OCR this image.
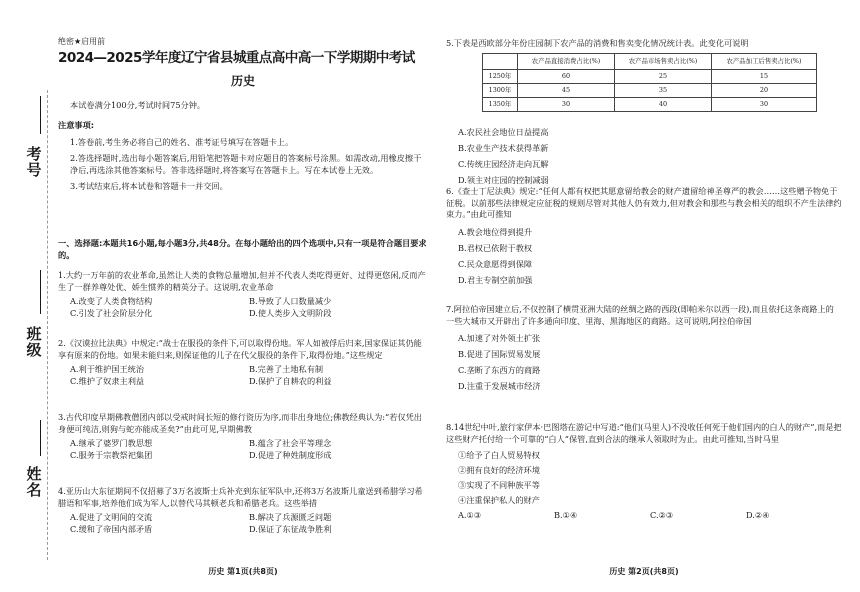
考号
班级
姓名
绝密★启用前
2024—2025学年度辽宁省县城重点高中高一下学期期中考试
历史
本试卷满分100分,考试时间75分钟。
注意事项:
1.答卷前,考生务必将自己的姓名、准考证号填写在答题卡上。
2.答选择题时,选出每小题答案后,用铅笔把答题卡对应题目的答案标号涂黑。如需改动,用橡皮擦干净后,再选涂其他答案标号。答非选择题时,将答案写在答题卡上。写在本试卷上无效。
3.考试结束后,将本试卷和答题卡一并交回。
一、选择题:本题共16小题,每小题3分,共48分。在每小题给出的四个选项中,只有一项是符合题目要求的。
1.大约一万年前的农业革命,虽然让人类的食物总量增加,但并不代表人类吃得更好、过得更悠闲,反而产生了一群养尊处优、娇生惯养的精英分子。这说明,农业革命
A.改变了人类食物结构	B.导致了人口数量减少
C.引发了社会阶层分化	D.使人类步入文明阶段
2.《汉谟拉比法典》中规定:“战士在服役的条件下,可以取得份地。军人如被俘后归来,国家保证其仍能享有原来的份地。如果未能归来,则保证他的儿子在代父服役的条件下,取得份地。”这些规定
A.利于维护国王统治	B.完善了土地私有制
C.维护了奴隶主利益	D.保护了自耕农的利益
3.古代印度早期佛教僧团内部以受戒时间长短的修行资历为序,而非出身地位;佛教经典认为:“若仅凭出身便可纯洁,则狗与蛇亦能成圣矣?”由此可见,早期佛教
A.继承了婆罗门教思想	B.蕴含了社会平等理念
C.服务于宗教祭祀集团	D.促进了种姓制度形成
4.亚历山大东征期间不仅招募了3万名波斯士兵补充到东征军队中,还将3万名波斯儿童送到希腊学习希腊语和军事,培养他们成为军人,以替代马其顿老兵和希腊老兵。这些举措
A.促进了文明间的交流	B.解决了兵源匮乏问题
C.缓和了帝国内部矛盾	D.保证了东征战争胜利
历史 第1页(共8页)
5.下表是西欧部分年份庄园制下农产品的消费和售卖变化情况统计表。此变化可说明
	农产品直接消费占比(%)	农产品市场售卖占比(%)	农产品加工后售卖占比(%)
1250年	60	25	15
1300年	45	35	20
1350年	30	40	30
A.农民社会地位日益提高
B.农业生产技术获得革新
C.传统庄园经济走向瓦解
D.领主对庄园的控制减弱
6.《查士丁尼法典》规定:“任何人都有权把其愿意留给教会的财产遗留给神圣尊严的教会……这些赠予物免于征税。以前那些法律规定应征税的规则尽管对其他人仍有效力,但对教会和那些与教会相关的组织不产生法律约束力。”由此可推知
A.教会地位得到提升
B.君权已依附于教权
C.民众意愿得到保障
D.君主专制空前加强
7.阿拉伯帝国建立后,不仅控制了横贯亚洲大陆的丝绸之路的西段(即帕米尔以西一段),而且依托这条商路上的一些大城市又开辟出了许多通向印度、里海、黑海地区的商路。这可说明,阿拉伯帝国
A.加速了对外领土扩张
B.促进了国际贸易发展
C.垄断了东西方的商路
D.注重于发展城市经济
8.14世纪中叶,旅行家伊本·巴图塔在游记中写道:“他们(马里人)不没收任何死于他们国内的白人的财产”,而是把这些财产托付给一个可靠的“白人”保管,直到合法的继承人领取时为止。由此可推知,当时马里
①给予了白人贸易特权
②拥有良好的经济环境
③实现了不同种族平等
④注重保护私人的财产
A.①③	B.①④	C.②③	D.②④
历史 第2页(共8页)
